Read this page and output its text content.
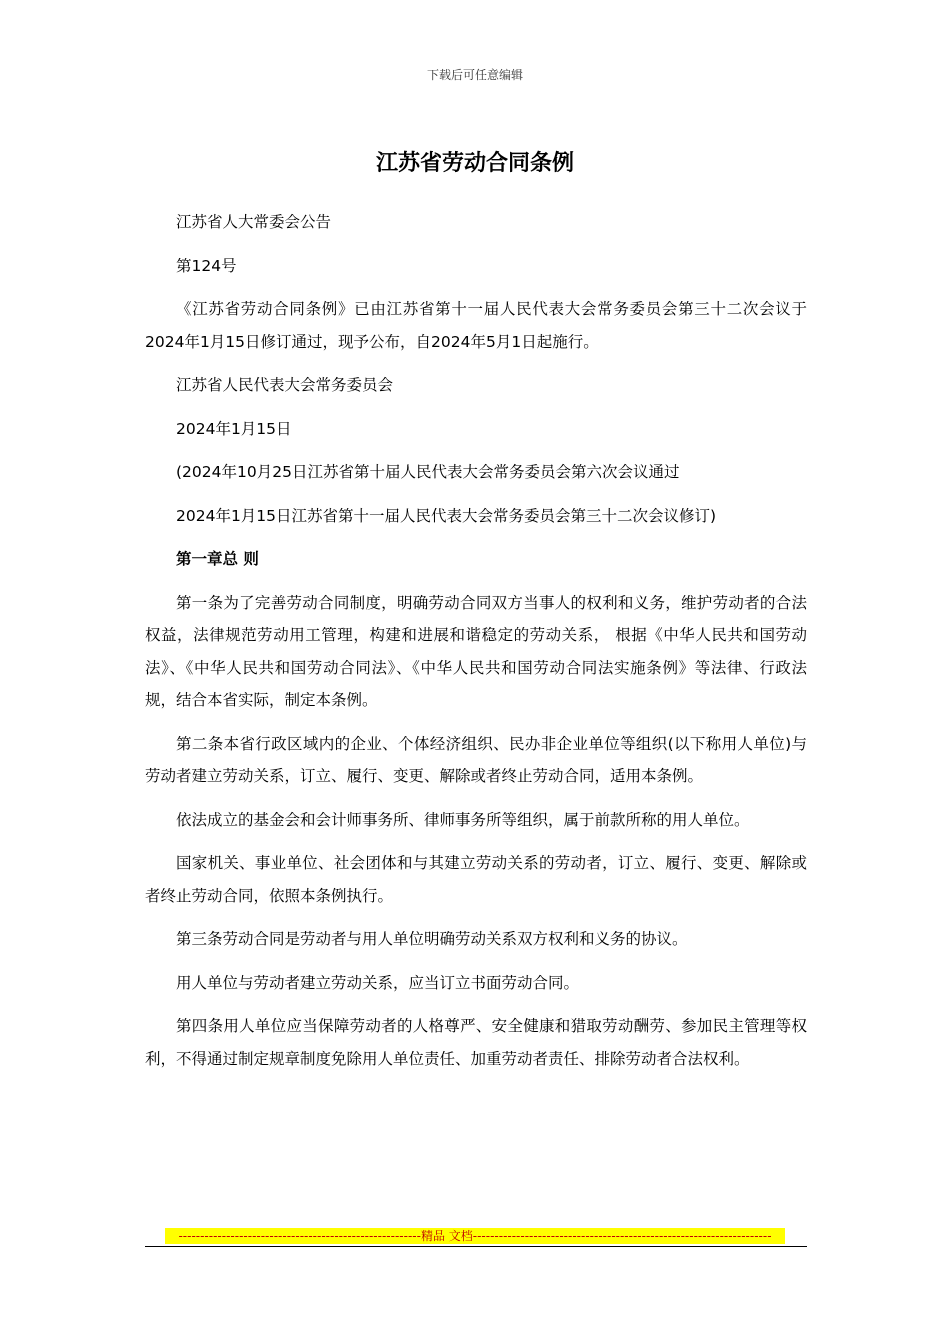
下载后可任意编辑
江苏省劳动合同条例

江苏省人大常委会公告

第124号

《江苏省劳动合同条例》已由江苏省第十一届人民代表大会常务委员会第三十二次会议于2024年1月15日修订通过，现予公布，自2024年5月1日起施行。

江苏省人民代表大会常务委员会

2024年1月15日

(2024年10月25日江苏省第十届人民代表大会常务委员会第六次会议通过

2024年1月15日江苏省第十一届人民代表大会常务委员会第三十二次会议修订)

第一章总 则

第一条为了完善劳动合同制度，明确劳动合同双方当事人的权利和义务，维护劳动者的合法权益，法律规范劳动用工管理，构建和进展和谐稳定的劳动关系， 根据《中华人民共和国劳动法》、《中华人民共和国劳动合同法》、《中华人民共和国劳动合同法实施条例》等法律、行政法规，结合本省实际，制定本条例。

第二条本省行政区域内的企业、个体经济组织、民办非企业单位等组织(以下称用人单位)与劳动者建立劳动关系，订立、履行、变更、解除或者终止劳动合同，适用本条例。

依法成立的基金会和会计师事务所、律师事务所等组织，属于前款所称的用人单位。

国家机关、事业单位、社会团体和与其建立劳动关系的劳动者，订立、履行、变更、解除或者终止劳动合同，依照本条例执行。

第三条劳动合同是劳动者与用人单位明确劳动关系双方权利和义务的协议。

用人单位与劳动者建立劳动关系，应当订立书面劳动合同。

第四条用人单位应当保障劳动者的人格尊严、安全健康和猎取劳动酬劳、参加民主管理等权利，不得通过制定规章制度免除用人单位责任、加重劳动者责任、排除劳动者合法权利。

--------------------------------------------------------精品 文档---------------------------------------------------------------------
